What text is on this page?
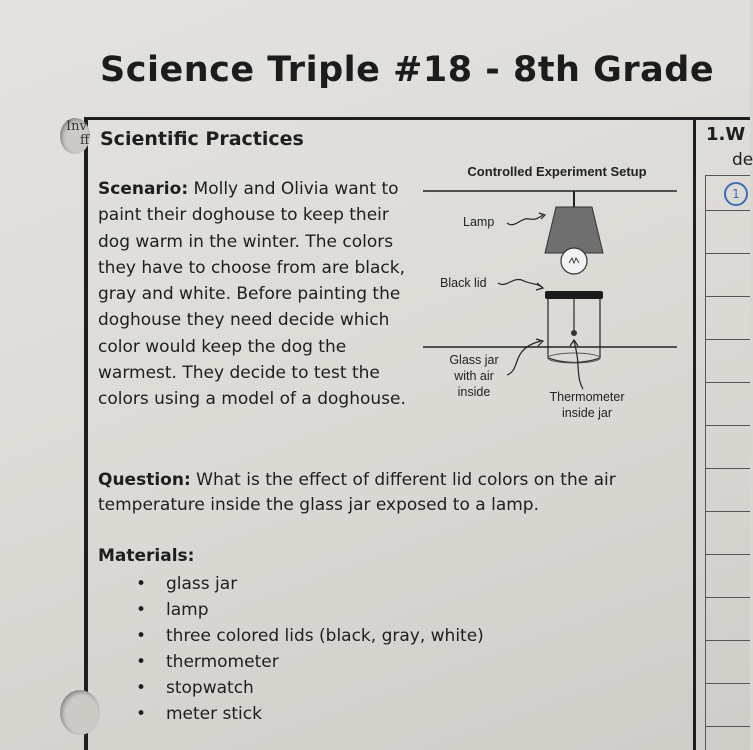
Science Triple #18 - 8th Grade
Inv
ff Scientific Practices
Scenario: Molly and Olivia want to paint their doghouse to keep their dog warm in the winter. The colors they have to choose from are black, gray and white. Before painting the doghouse they need decide which color would keep the dog the warmest. They decide to test the colors using a model of a doghouse.
Controlled Experiment Setup
Lamp
Black lid
Glass jar
with air
inside	Thermometer
inside jar
Question: What is the effect of different lid colors on the air temperature inside the glass jar exposed to a lamp.
Materials:
• glass jar
• lamp
• three colored lids (black, gray, white)
• thermometer
• stopwatch
• meter stick
1.W
de
1
